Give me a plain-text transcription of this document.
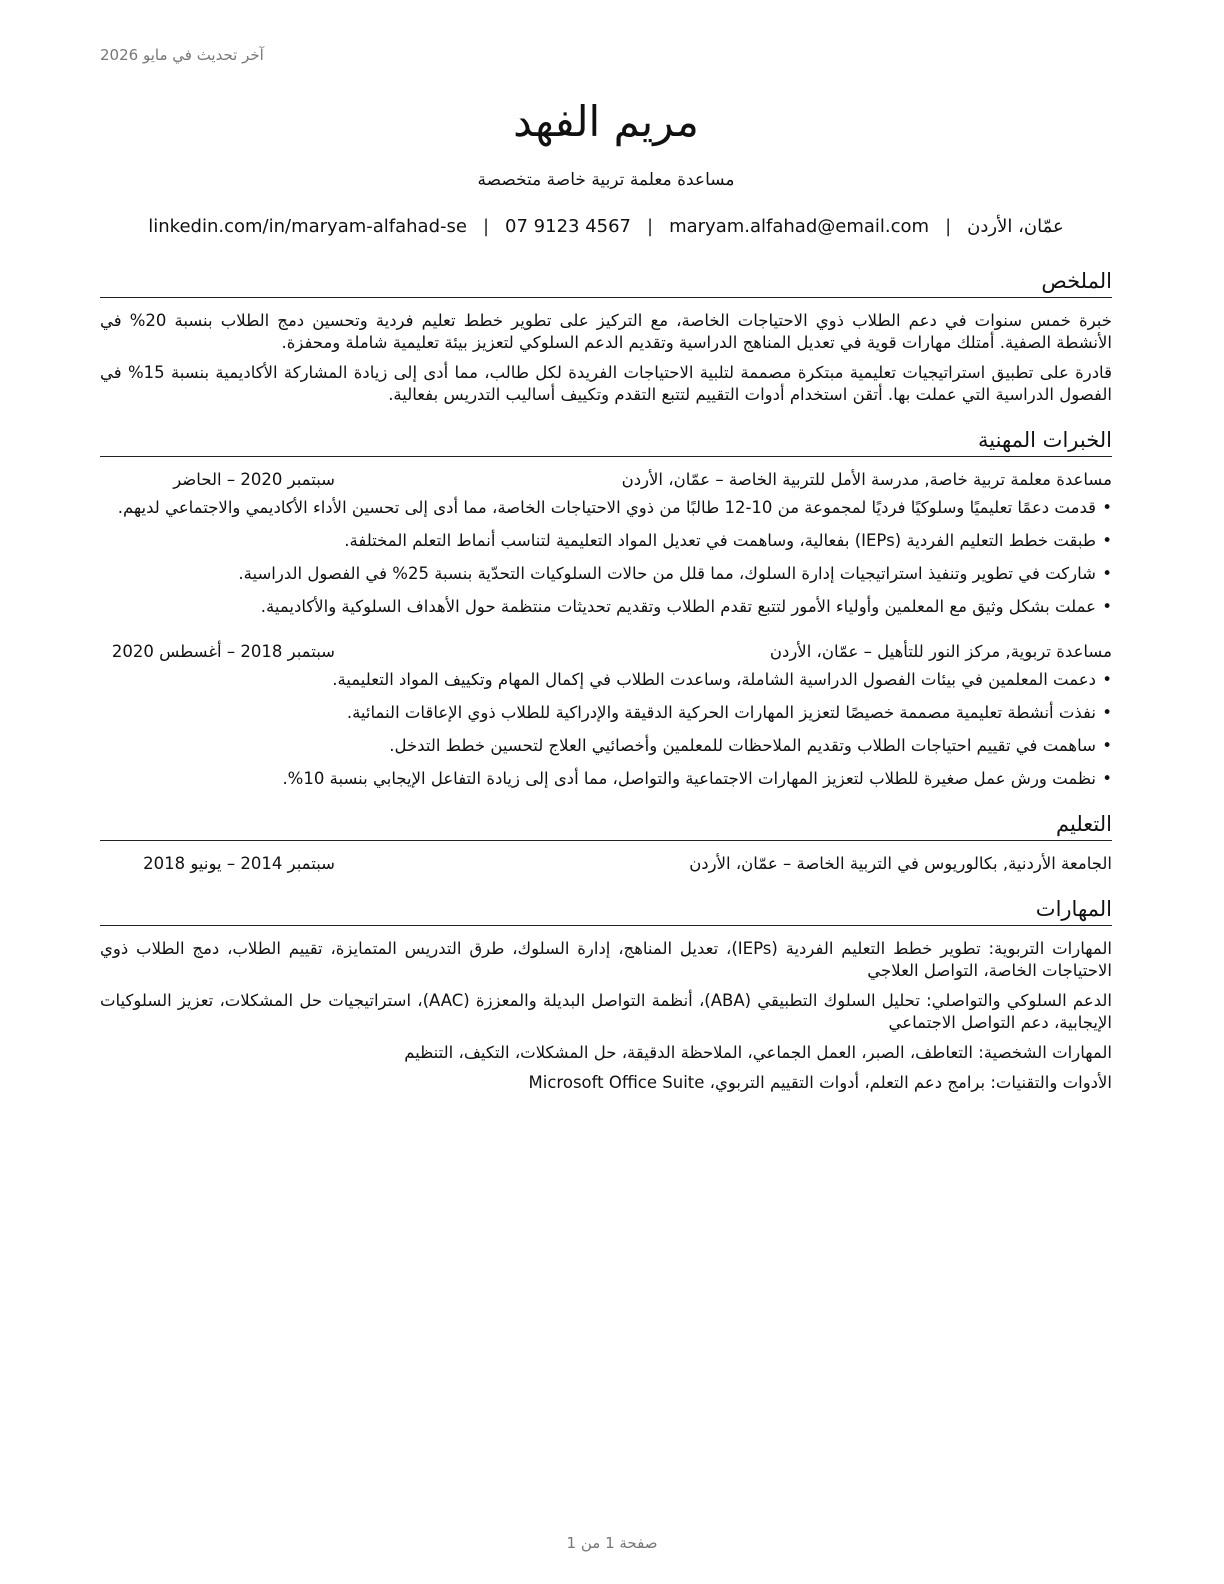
آخر تحديث في مايو 2026
مريم الفهد
مساعدة معلمة تربية خاصة متخصصة
عمّان، الأردن
|
maryam.alfahad@email.com
|
07 9123 4567
|
linkedin.com/in/maryam-alfahad-se
الملخص

خبرة خمس سنوات في دعم الطلاب ذوي الاحتياجات الخاصة، مع التركيز على تطوير خطط تعليم فردية وتحسين دمج الطلاب بنسبة 20% في الأنشطة الصفية. أمتلك مهارات قوية في تعديل المناهج الدراسية وتقديم الدعم السلوكي لتعزيز بيئة تعليمية شاملة ومحفزة.

قادرة على تطبيق استراتيجيات تعليمية مبتكرة مصممة لتلبية الاحتياجات الفريدة لكل طالب، مما أدى إلى زيادة المشاركة الأكاديمية بنسبة 15% في الفصول الدراسية التي عملت بها. أتقن استخدام أدوات التقييم لتتبع التقدم وتكييف أساليب التدريس بفعالية.

الخبرات المهنية
مساعدة معلمة تربية خاصة, مدرسة الأمل للتربية الخاصة – عمّان، الأردن
سبتمبر 2020 – الحاضر
• قدمت دعمًا تعليميًا وسلوكيًا فرديًا لمجموعة من 10-12 طالبًا من ذوي الاحتياجات الخاصة، مما أدى إلى تحسين الأداء الأكاديمي والاجتماعي لديهم.
• طبقت خطط التعليم الفردية (IEPs) بفعالية، وساهمت في تعديل المواد التعليمية لتناسب أنماط التعلم المختلفة.
• شاركت في تطوير وتنفيذ استراتيجيات إدارة السلوك، مما قلل من حالات السلوكيات التحدّية بنسبة 25% في الفصول الدراسية.
• عملت بشكل وثيق مع المعلمين وأولياء الأمور لتتبع تقدم الطلاب وتقديم تحديثات منتظمة حول الأهداف السلوكية والأكاديمية.
مساعدة تربوية, مركز النور للتأهيل – عمّان، الأردن
سبتمبر 2018 – أغسطس 2020
• دعمت المعلمين في بيئات الفصول الدراسية الشاملة، وساعدت الطلاب في إكمال المهام وتكييف المواد التعليمية.
• نفذت أنشطة تعليمية مصممة خصيصًا لتعزيز المهارات الحركية الدقيقة والإدراكية للطلاب ذوي الإعاقات النمائية.
• ساهمت في تقييم احتياجات الطلاب وتقديم الملاحظات للمعلمين وأخصائيي العلاج لتحسين خطط التدخل.
• نظمت ورش عمل صغيرة للطلاب لتعزيز المهارات الاجتماعية والتواصل، مما أدى إلى زيادة التفاعل الإيجابي بنسبة 10%.
التعليم
الجامعة الأردنية, بكالوريوس في التربية الخاصة – عمّان، الأردن
سبتمبر 2014 – يونيو 2018
المهارات

المهارات التربوية: تطوير خطط التعليم الفردية (IEPs)، تعديل المناهج، إدارة السلوك، طرق التدريس المتمايزة، تقييم الطلاب، دمج الطلاب ذوي الاحتياجات الخاصة، التواصل العلاجي

الدعم السلوكي والتواصلي: تحليل السلوك التطبيقي (ABA)، أنظمة التواصل البديلة والمعززة (AAC)، استراتيجيات حل المشكلات، تعزيز السلوكيات الإيجابية، دعم التواصل الاجتماعي

المهارات الشخصية: التعاطف، الصبر، العمل الجماعي، الملاحظة الدقيقة، حل المشكلات، التكيف، التنظيم

الأدوات والتقنيات: برامج دعم التعلم، أدوات التقييم التربوي، Microsoft Office Suite

صفحة 1 من 1
